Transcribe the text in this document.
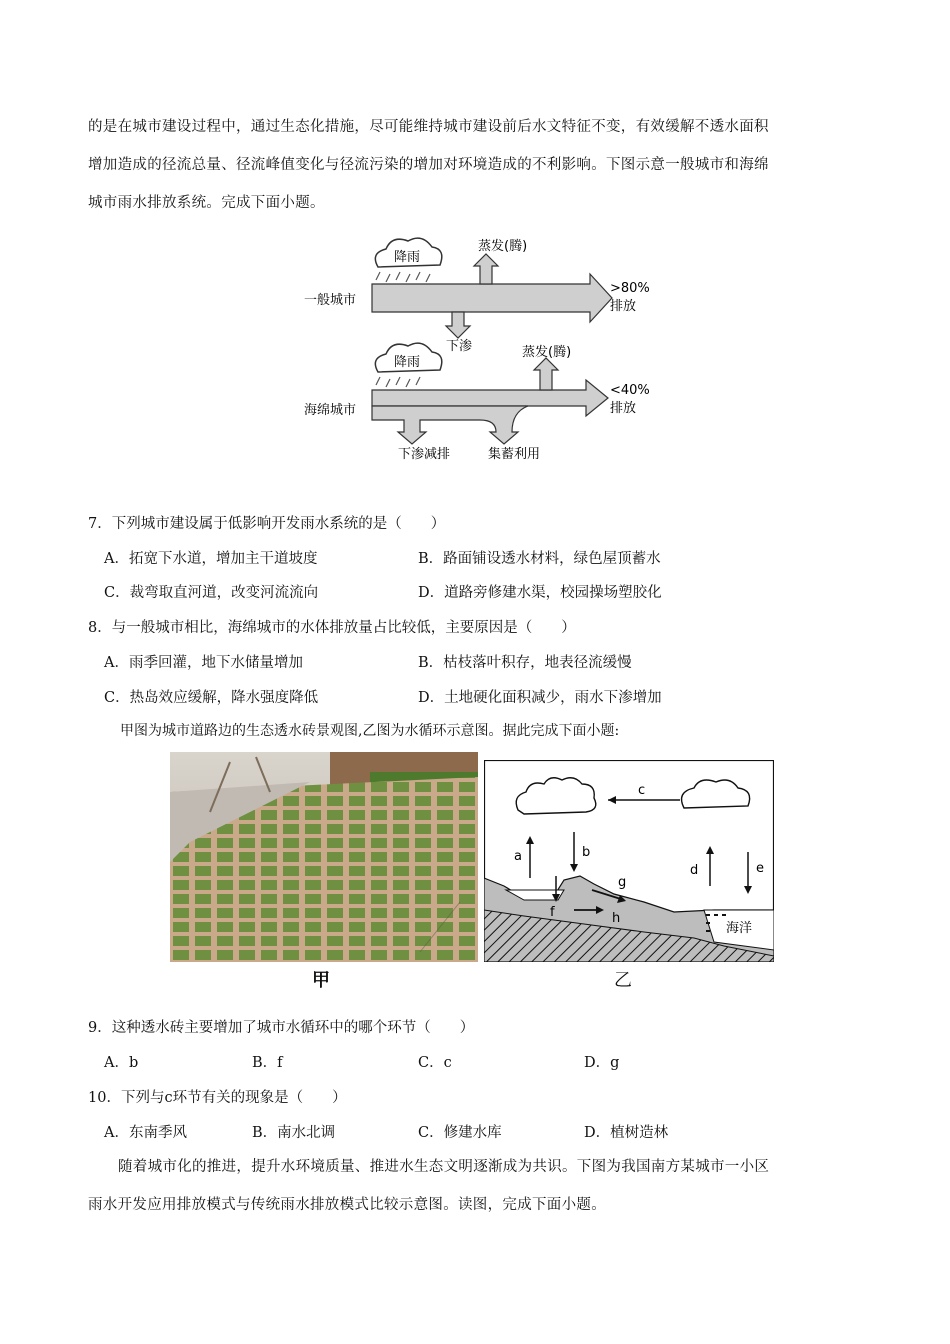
的是在城市建设过程中，通过生态化措施，尽可能维持城市建设前后水文特征不变，有效缓解不透水面积
增加造成的径流总量、径流峰值变化与径流污染的增加对环境造成的不利影响。下图示意一般城市和海绵
城市雨水排放系统。完成下面小题。
降雨
一般城市
蒸发(腾)
>80%
排放
下渗
降雨
海绵城市
蒸发(腾)
<40%
排放
下渗减排	集蓄利用
7．下列城市建设属于低影响开发雨水系统的是（　　）
A．拓宽下水道，增加主干道坡度	B．路面铺设透水材料，绿色屋顶蓄水
C．裁弯取直河道，改变河流流向	D．道路旁修建水渠，校园操场塑胶化
8．与一般城市相比，海绵城市的水体排放量占比较低，主要原因是（　　）
A．雨季回灌，地下水储量增加	B．枯枝落叶积存，地表径流缓慢
C．热岛效应缓解，降水强度降低	D．土地硬化面积减少，雨水下渗增加
甲图为城市道路边的生态透水砖景观图,乙图为水循环示意图。据此完成下面小题:
甲
c
a	b
d	e
海洋
g
f	h
乙
9．这种透水砖主要增加了城市水循环中的哪个环节（　　）
A．b	B．f	C．c	D．g
10．下列与c环节有关的现象是（　　）
A．东南季风	B．南水北调	C．修建水库	D．植树造林
随着城市化的推进，提升水环境质量、推进水生态文明逐渐成为共识。下图为我国南方某城市一小区
雨水开发应用排放模式与传统雨水排放模式比较示意图。读图，完成下面小题。
